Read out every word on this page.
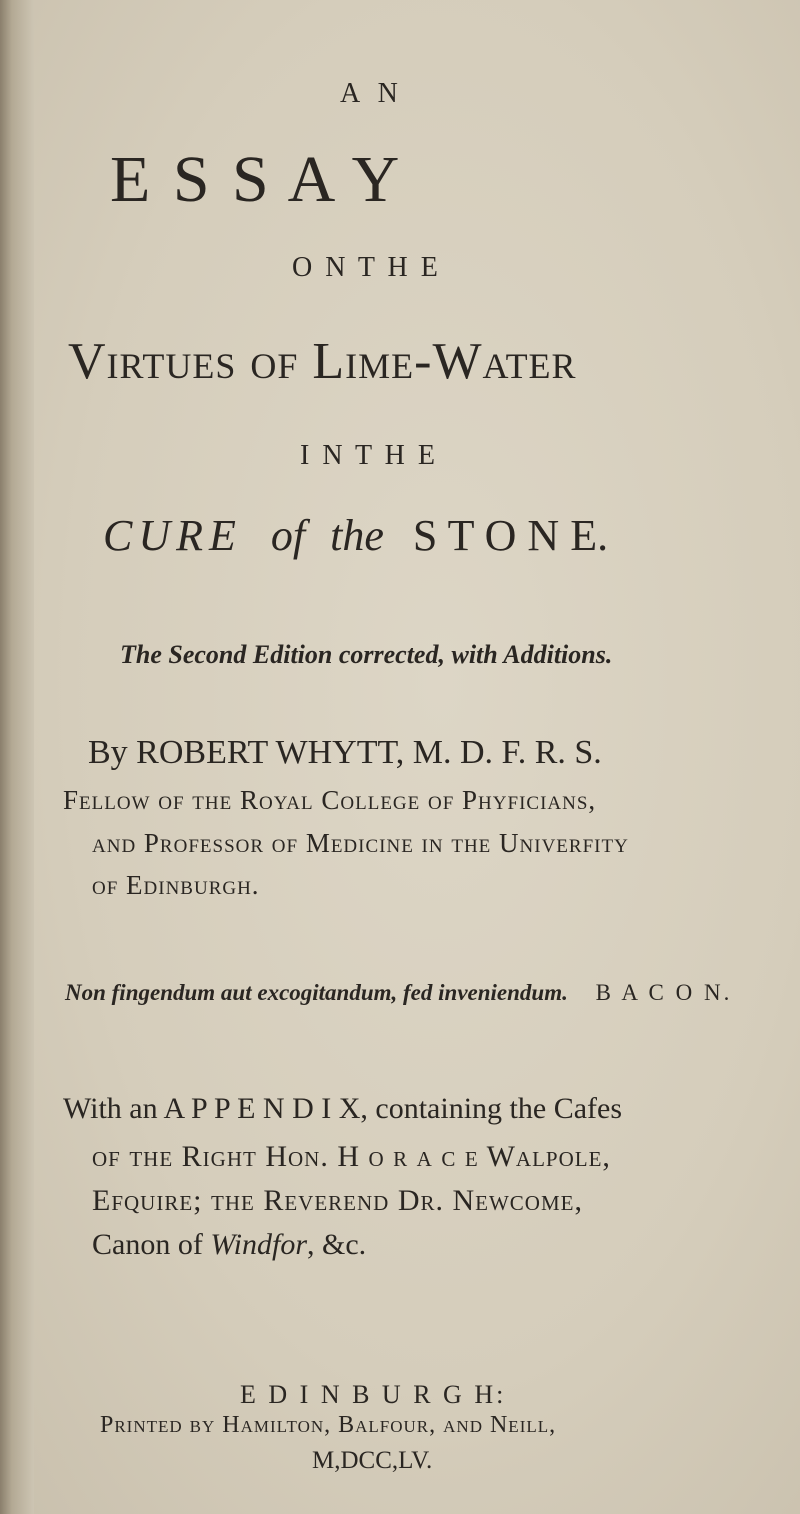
A N
E S S A Y
O N T H E
Virtues of Lime-Water
I N T H E
CURE of the S T O N E.
The Second Edition corrected, with Additions.
By ROBERT WHYTT, M. D. F. R. S.
Fellow of the Royal College of Phyficians,
and Professor of Medicine in the Univerfity
of Edinburgh.
Non fingendum aut excogitandum, fed inveniendum. B A C O N.
With an A P P E N D I X, containing the Cafes
of the Right Hon. H o r a c e Walpole,
Efquire; the Reverend Dr. Newcome,
Canon of Windfor, &c.
E D I N B U R G H:
Printed by Hamilton, Balfour, and Neill,
M,DCC,LV.
